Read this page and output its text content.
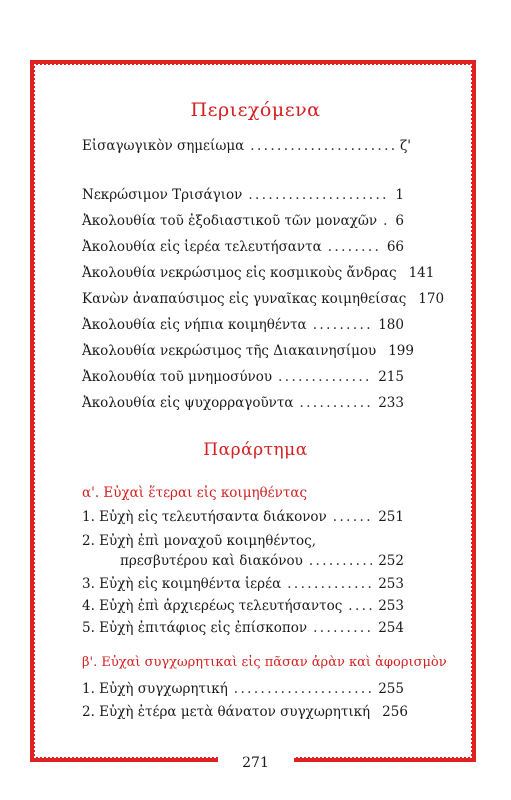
Περιεχόμενα
Εἰσαγωγικὸν σημείωμα .....	ζ'
Νεκρώσιμον Τρισάγιον .....	1
Ἀκολουθία τοῦ ἐξοδιαστικοῦ τῶν μοναχῶν ..... 6
Ἀκολουθία εἰς ἱερέα τελευτήσαντα .....	66
Ἀκολουθία νεκρώσιμος εἰς κοσμικοὺς ἄνδρας 141
Κανὼν ἀναπαύσιμος εἰς γυναῖκας κοιμηθείσας 170
Ἀκολουθία εἰς νήπια κοιμηθέντα .....	180
Ἀκολουθία νεκρώσιμος τῆς Διακαινησίμου 199
Ἀκολουθία τοῦ μνημοσύνου .....	215
Ἀκολουθία εἰς ψυχορραγοῦντα .....	233
Παράρτημα
α'. Εὐχαὶ ἕτεραι εἰς κοιμηθέντας
1. Εὐχὴ εἰς τελευτήσαντα διάκονον .....	251
2. Εὐχὴ ἐπὶ μοναχοῦ κοιμηθέντος,
πρεσβυτέρου καὶ διακόνου .....	252
3. Εὐχὴ εἰς κοιμηθέντα ἱερέα .....	253
4. Εὐχὴ ἐπὶ ἀρχιερέως τελευτήσαντος .....	253
5. Εὐχὴ ἐπιτάφιος εἰς ἐπίσκοπον .....	254
β'. Εὐχαὶ συγχωρητικαὶ εἰς πᾶσαν ἀρὰν καὶ ἀφορισμὸν
1. Εὐχὴ συγχωρητική .....	255
2. Εὐχὴ ἑτέρα μετὰ θάνατον συγχωρητική 256
271
